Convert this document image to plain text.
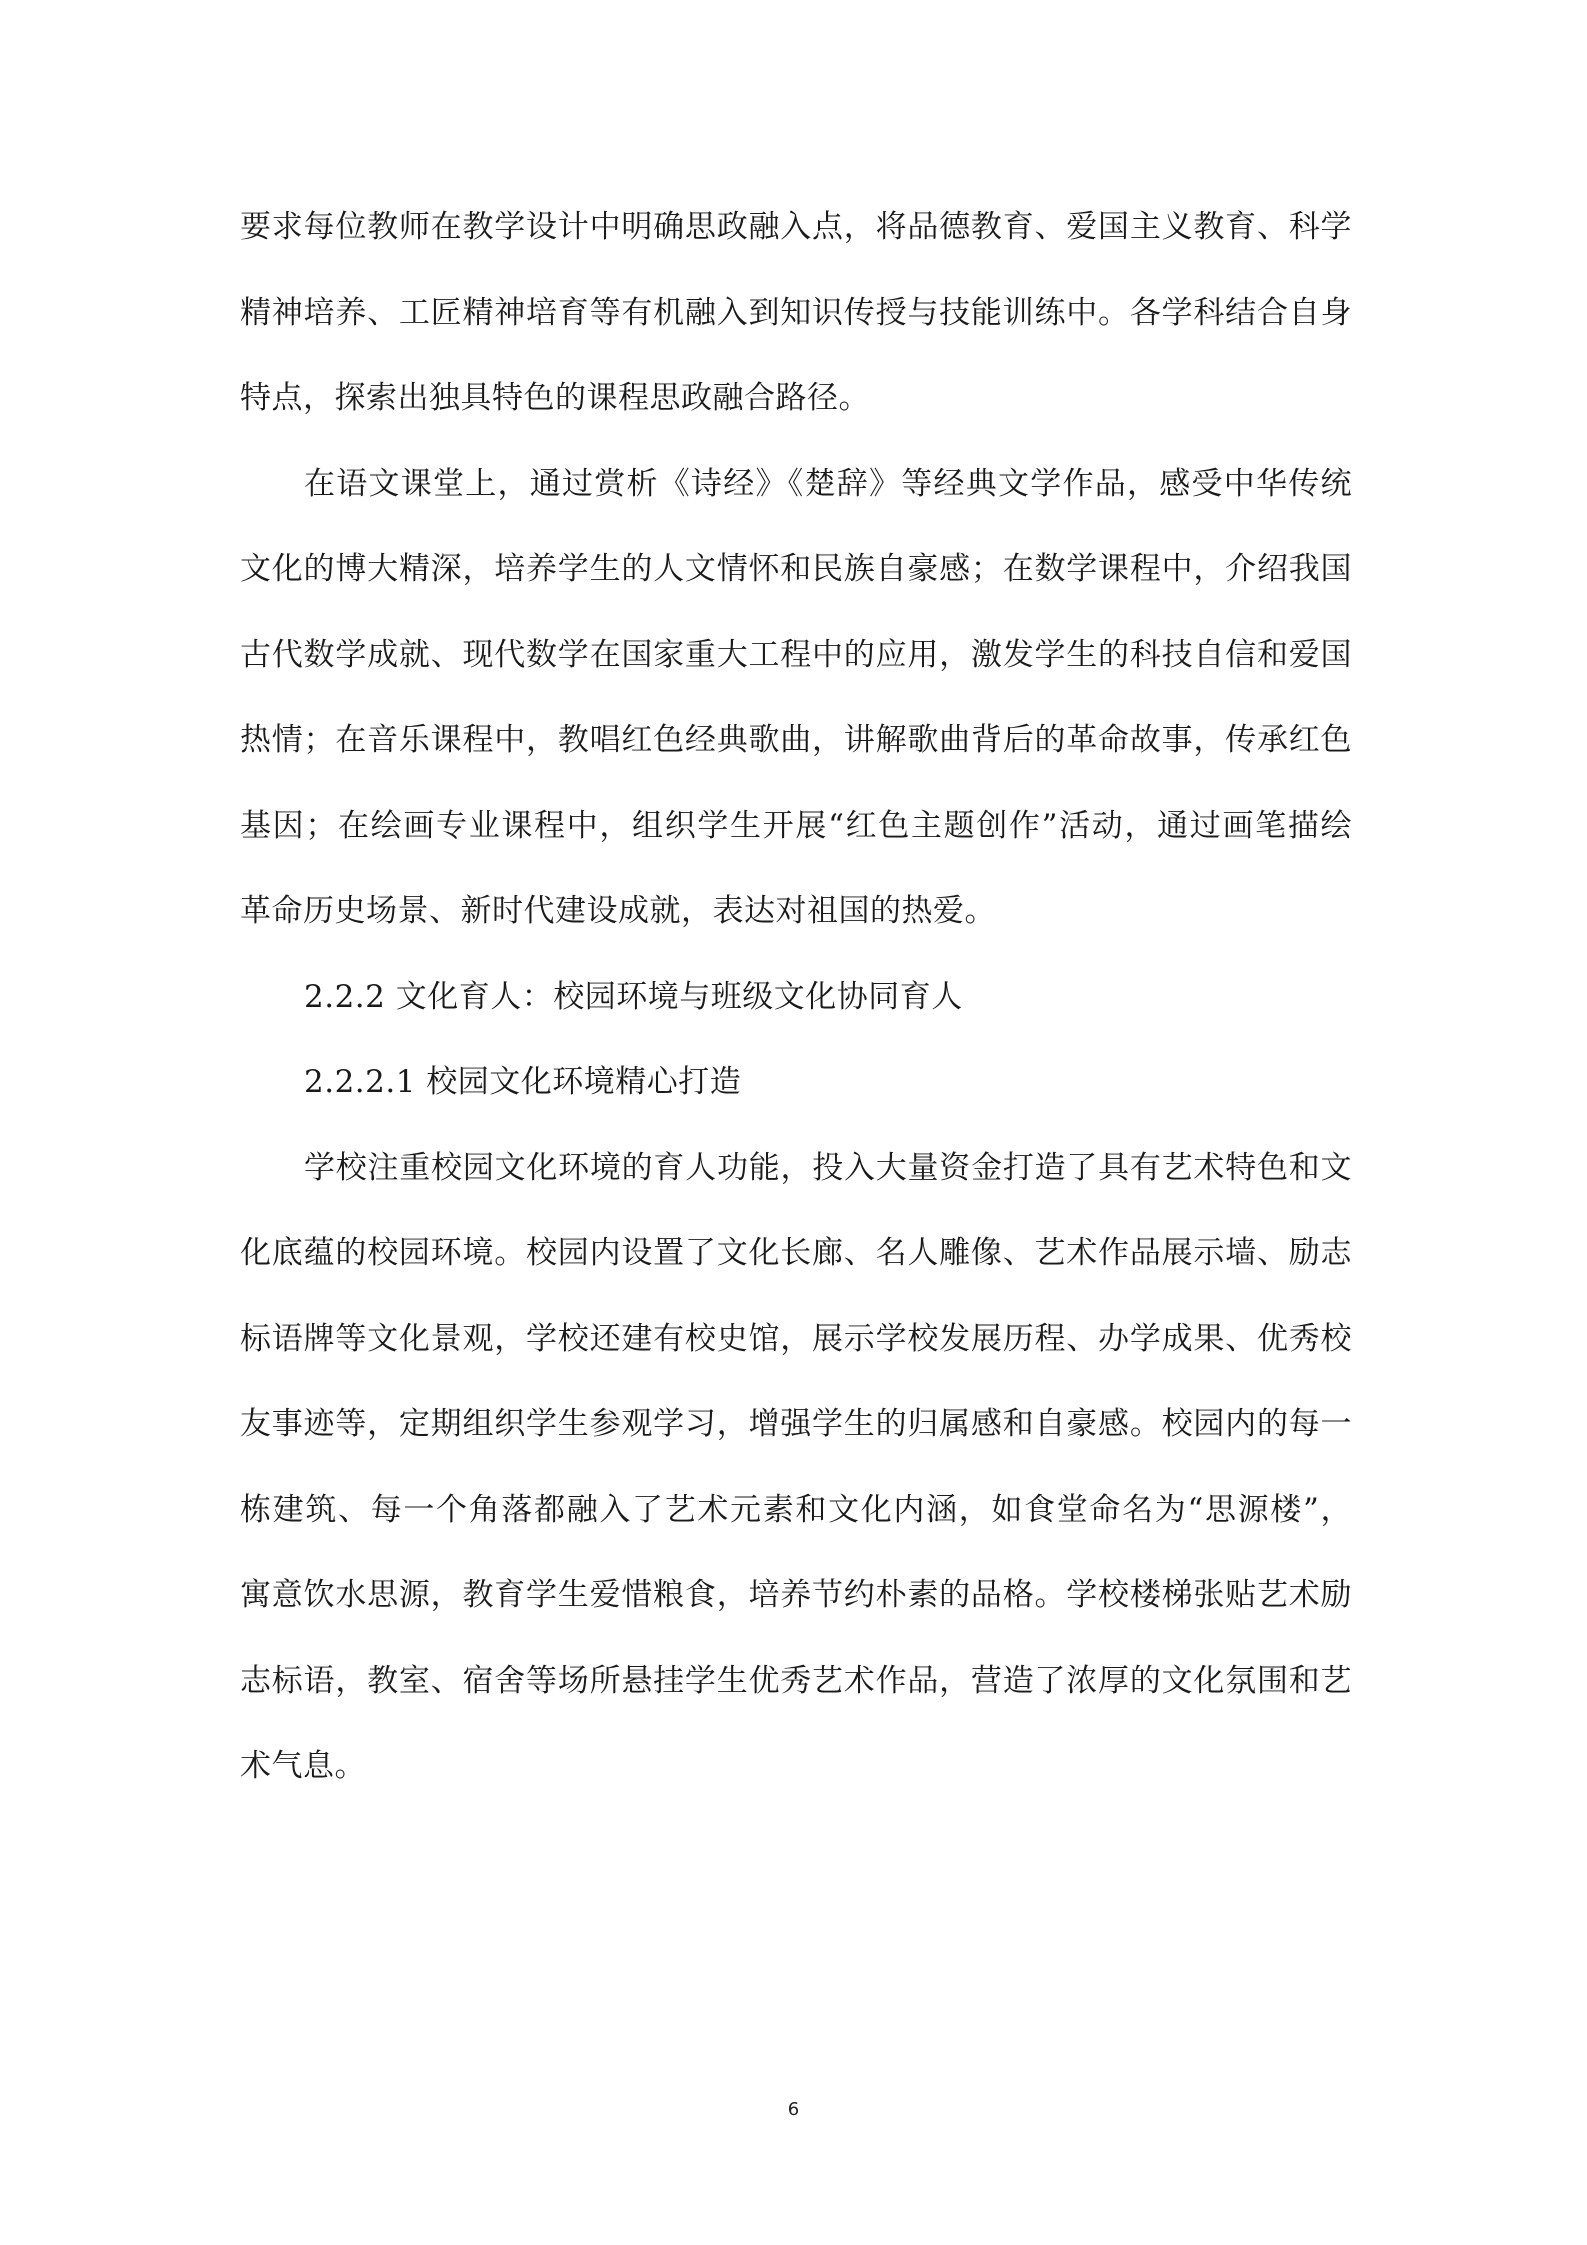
要求每位教师在教学设计中明确思政融入点，将品德教育、爱国主义教育、科学
精神培养、工匠精神培育等有机融入到知识传授与技能训练中。各学科结合自身
特点，探索出独具特色的课程思政融合路径。
在语文课堂上，通过赏析《诗经》《楚辞》等经典文学作品，感受中华传统
文化的博大精深，培养学生的人文情怀和民族自豪感；在数学课程中，介绍我国
古代数学成就、现代数学在国家重大工程中的应用，激发学生的科技自信和爱国
热情；在音乐课程中，教唱红色经典歌曲，讲解歌曲背后的革命故事，传承红色
基因；在绘画专业课程中，组织学生开展“红色主题创作”活动，通过画笔描绘
革命历史场景、新时代建设成就，表达对祖国的热爱。
2.2.2 文化育人：校园环境与班级文化协同育人
2.2.2.1 校园文化环境精心打造
学校注重校园文化环境的育人功能，投入大量资金打造了具有艺术特色和文
化底蕴的校园环境。校园内设置了文化长廊、名人雕像、艺术作品展示墙、励志
标语牌等文化景观，学校还建有校史馆，展示学校发展历程、办学成果、优秀校
友事迹等，定期组织学生参观学习，增强学生的归属感和自豪感。校园内的每一
栋建筑、每一个角落都融入了艺术元素和文化内涵，如食堂命名为“思源楼”，
寓意饮水思源，教育学生爱惜粮食，培养节约朴素的品格。学校楼梯张贴艺术励
志标语，教室、宿舍等场所悬挂学生优秀艺术作品，营造了浓厚的文化氛围和艺
术气息。
6
